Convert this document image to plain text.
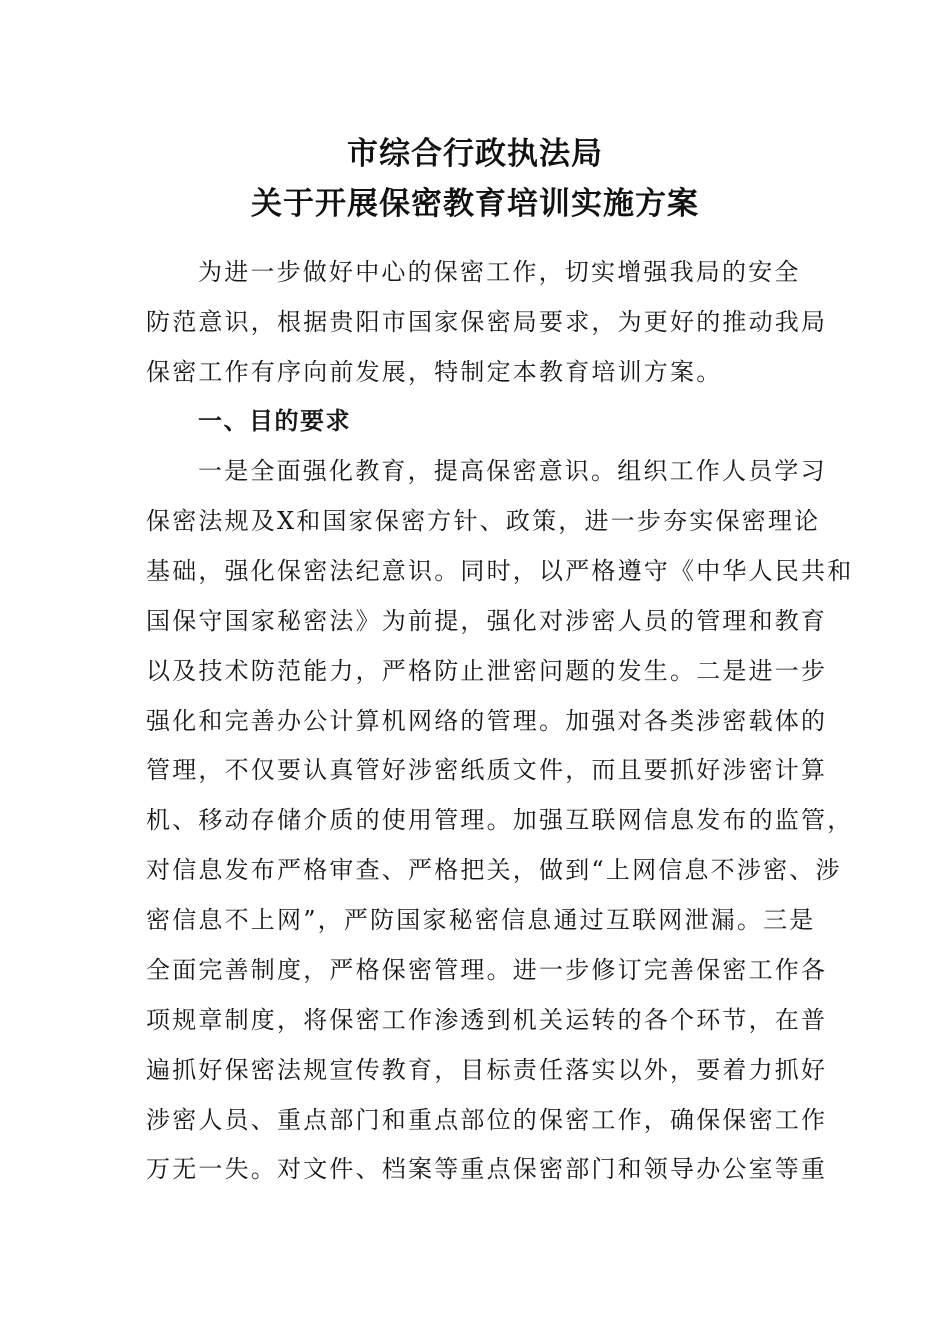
市综合行政执法局
关于开展保密教育培训实施方案
为进一步做好中心的保密工作，切实增强我局的安全
防范意识，根据贵阳市国家保密局要求，为更好的推动我局
保密工作有序向前发展，特制定本教育培训方案。
一、目的要求
一是全面强化教育，提高保密意识。组织工作人员学习
保密法规及X和国家保密方针、政策，进一步夯实保密理论
基础，强化保密法纪意识。同时，以严格遵守《中华人民共和
国保守国家秘密法》为前提，强化对涉密人员的管理和教育
以及技术防范能力，严格防止泄密问题的发生。二是进一步
强化和完善办公计算机网络的管理。加强对各类涉密载体的
管理，不仅要认真管好涉密纸质文件，而且要抓好涉密计算
机、移动存储介质的使用管理。加强互联网信息发布的监管，
对信息发布严格审查、严格把关，做到“上网信息不涉密、涉
密信息不上网”，严防国家秘密信息通过互联网泄漏。三是
全面完善制度，严格保密管理。进一步修订完善保密工作各
项规章制度，将保密工作渗透到机关运转的各个环节，在普
遍抓好保密法规宣传教育，目标责任落实以外，要着力抓好
涉密人员、重点部门和重点部位的保密工作，确保保密工作
万无一失。对文件、档案等重点保密部门和领导办公室等重
